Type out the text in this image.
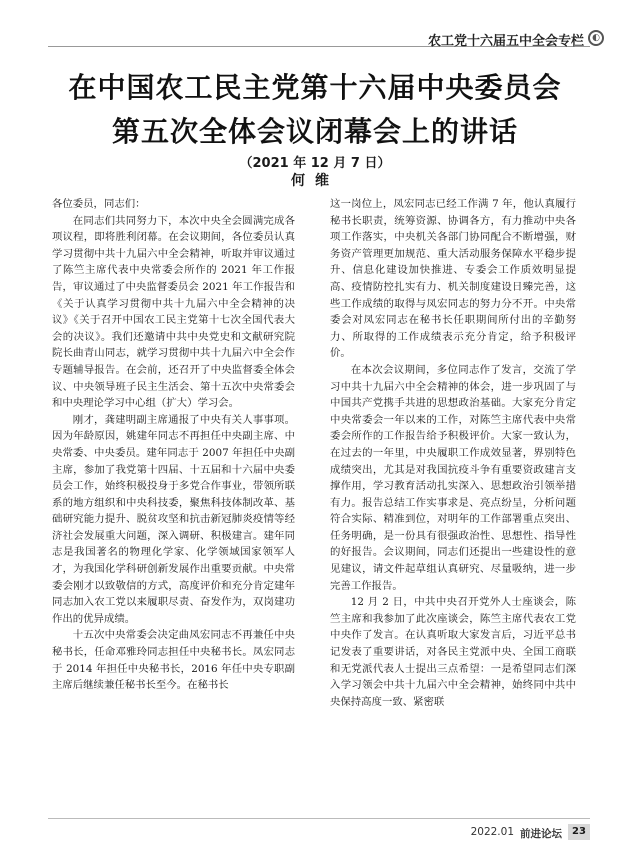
农工党十六届五中全会专栏 ◐
在中国农工民主党第十六届中央委员会
第五次全体会议闭幕会上的讲话
（2021 年 12 月 7 日）
何维

各位委员，同志们：

在同志们共同努力下，本次中央全会圆满完成各项议程，即将胜利闭幕。在会议期间，各位委员认真学习贯彻中共十九届六中全会精神，听取并审议通过了陈竺主席代表中央常委会所作的 2021 年工作报告，审议通过了中央监督委员会 2021 年工作报告和《关于认真学习贯彻中共十九届六中全会精神的决议》《关于召开中国农工民主党第十七次全国代表大会的决议》。我们还邀请中共中央党史和文献研究院院长曲青山同志，就学习贯彻中共十九届六中全会作专题辅导报告。在会前，还召开了中央监督委全体会议、中央领导班子民主生活会、第十五次中央常委会和中央理论学习中心组（扩大）学习会。

刚才，龚建明副主席通报了中央有关人事事项。因为年龄原因，姚建年同志不再担任中央副主席、中央常委、中央委员。建年同志于 2007 年担任中央副主席，参加了我党第十四届、十五届和十六届中央委员会工作，始终积极投身于多党合作事业，带领所联系的地方组织和中央科技委，聚焦科技体制改革、基础研究能力提升、脱贫攻坚和抗击新冠肺炎疫情等经济社会发展重大问题，深入调研、积极建言。建年同志是我国著名的物理化学家、化学领域国家领军人才，为我国化学科研创新发展作出重要贡献。中央常委会刚才以致敬信的方式，高度评价和充分肯定建年同志加入农工党以来履职尽责、奋发作为，双岗建功作出的优异成绩。

十五次中央常委会决定曲凤宏同志不再兼任中央秘书长，任命邓雅玲同志担任中央秘书长。凤宏同志于 2014 年担任中央秘书长，2016 年任中央专职副主席后继续兼任秘书长至今。在秘书长

这一岗位上，凤宏同志已经工作满 7 年，他认真履行秘书长职责，统筹资源、协调各方，有力推动中央各项工作落实，中央机关各部门协同配合不断增强，财务资产管理更加规范、重大活动服务保障水平稳步提升、信息化建设加快推进、专委会工作质效明显提高、疫情防控扎实有力、机关制度建设日臻完善，这些工作成绩的取得与凤宏同志的努力分不开。中央常委会对凤宏同志在秘书长任职期间所付出的辛勤努力、所取得的工作成绩表示充分肯定，给予积极评价。

在本次会议期间，多位同志作了发言，交流了学习中共十九届六中全会精神的体会，进一步巩固了与中国共产党携手共进的思想政治基础。大家充分肯定中央常委会一年以来的工作，对陈竺主席代表中央常委会所作的工作报告给予积极评价。大家一致认为，在过去的一年里，中央履职工作成效显著，界别特色成绩突出，尤其是对我国抗疫斗争有重要资政建言支撑作用，学习教育活动扎实深入、思想政治引领举措有力。报告总结工作实事求是、亮点纷呈，分析问题符合实际、精准到位，对明年的工作部署重点突出、任务明确，是一份具有很强政治性、思想性、指导性的好报告。会议期间，同志们还提出一些建设性的意见建议，请文件起草组认真研究、尽量吸纳，进一步完善工作报告。

12 月 2 日，中共中央召开党外人士座谈会，陈竺主席和我参加了此次座谈会，陈竺主席代表农工党中央作了发言。在认真听取大家发言后，习近平总书记发表了重要讲话，对各民主党派中央、全国工商联和无党派代表人士提出三点希望：一是希望同志们深入学习领会中共十九届六中全会精神，始终同中共中央保持高度一致、紧密联

2022.01 前进论坛	23
